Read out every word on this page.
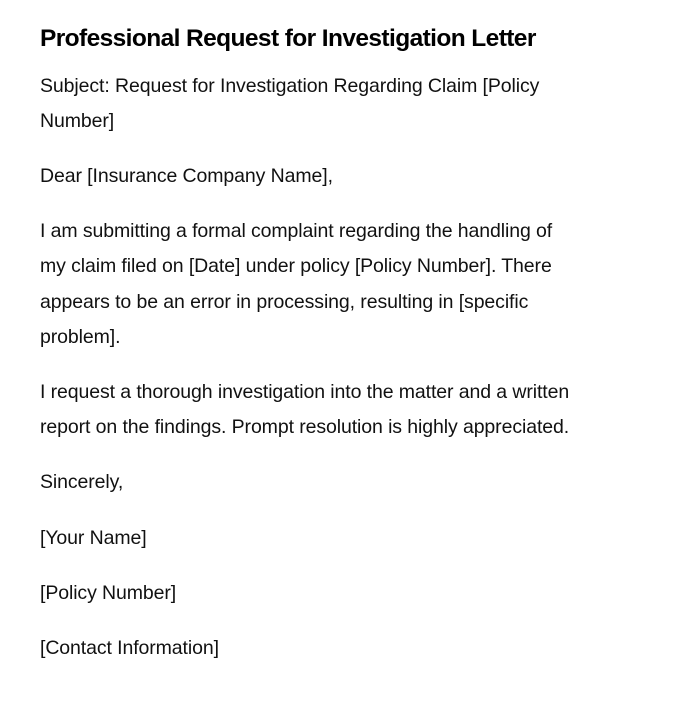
Professional Request for Investigation Letter

Subject: Request for Investigation Regarding Claim [Policy
Number]

Dear [Insurance Company Name],

I am submitting a formal complaint regarding the handling of
my claim filed on [Date] under policy [Policy Number]. There
appears to be an error in processing, resulting in [specific
problem].

I request a thorough investigation into the matter and a written
report on the findings. Prompt resolution is highly appreciated.

Sincerely,

[Your Name]

[Policy Number]

[Contact Information]
